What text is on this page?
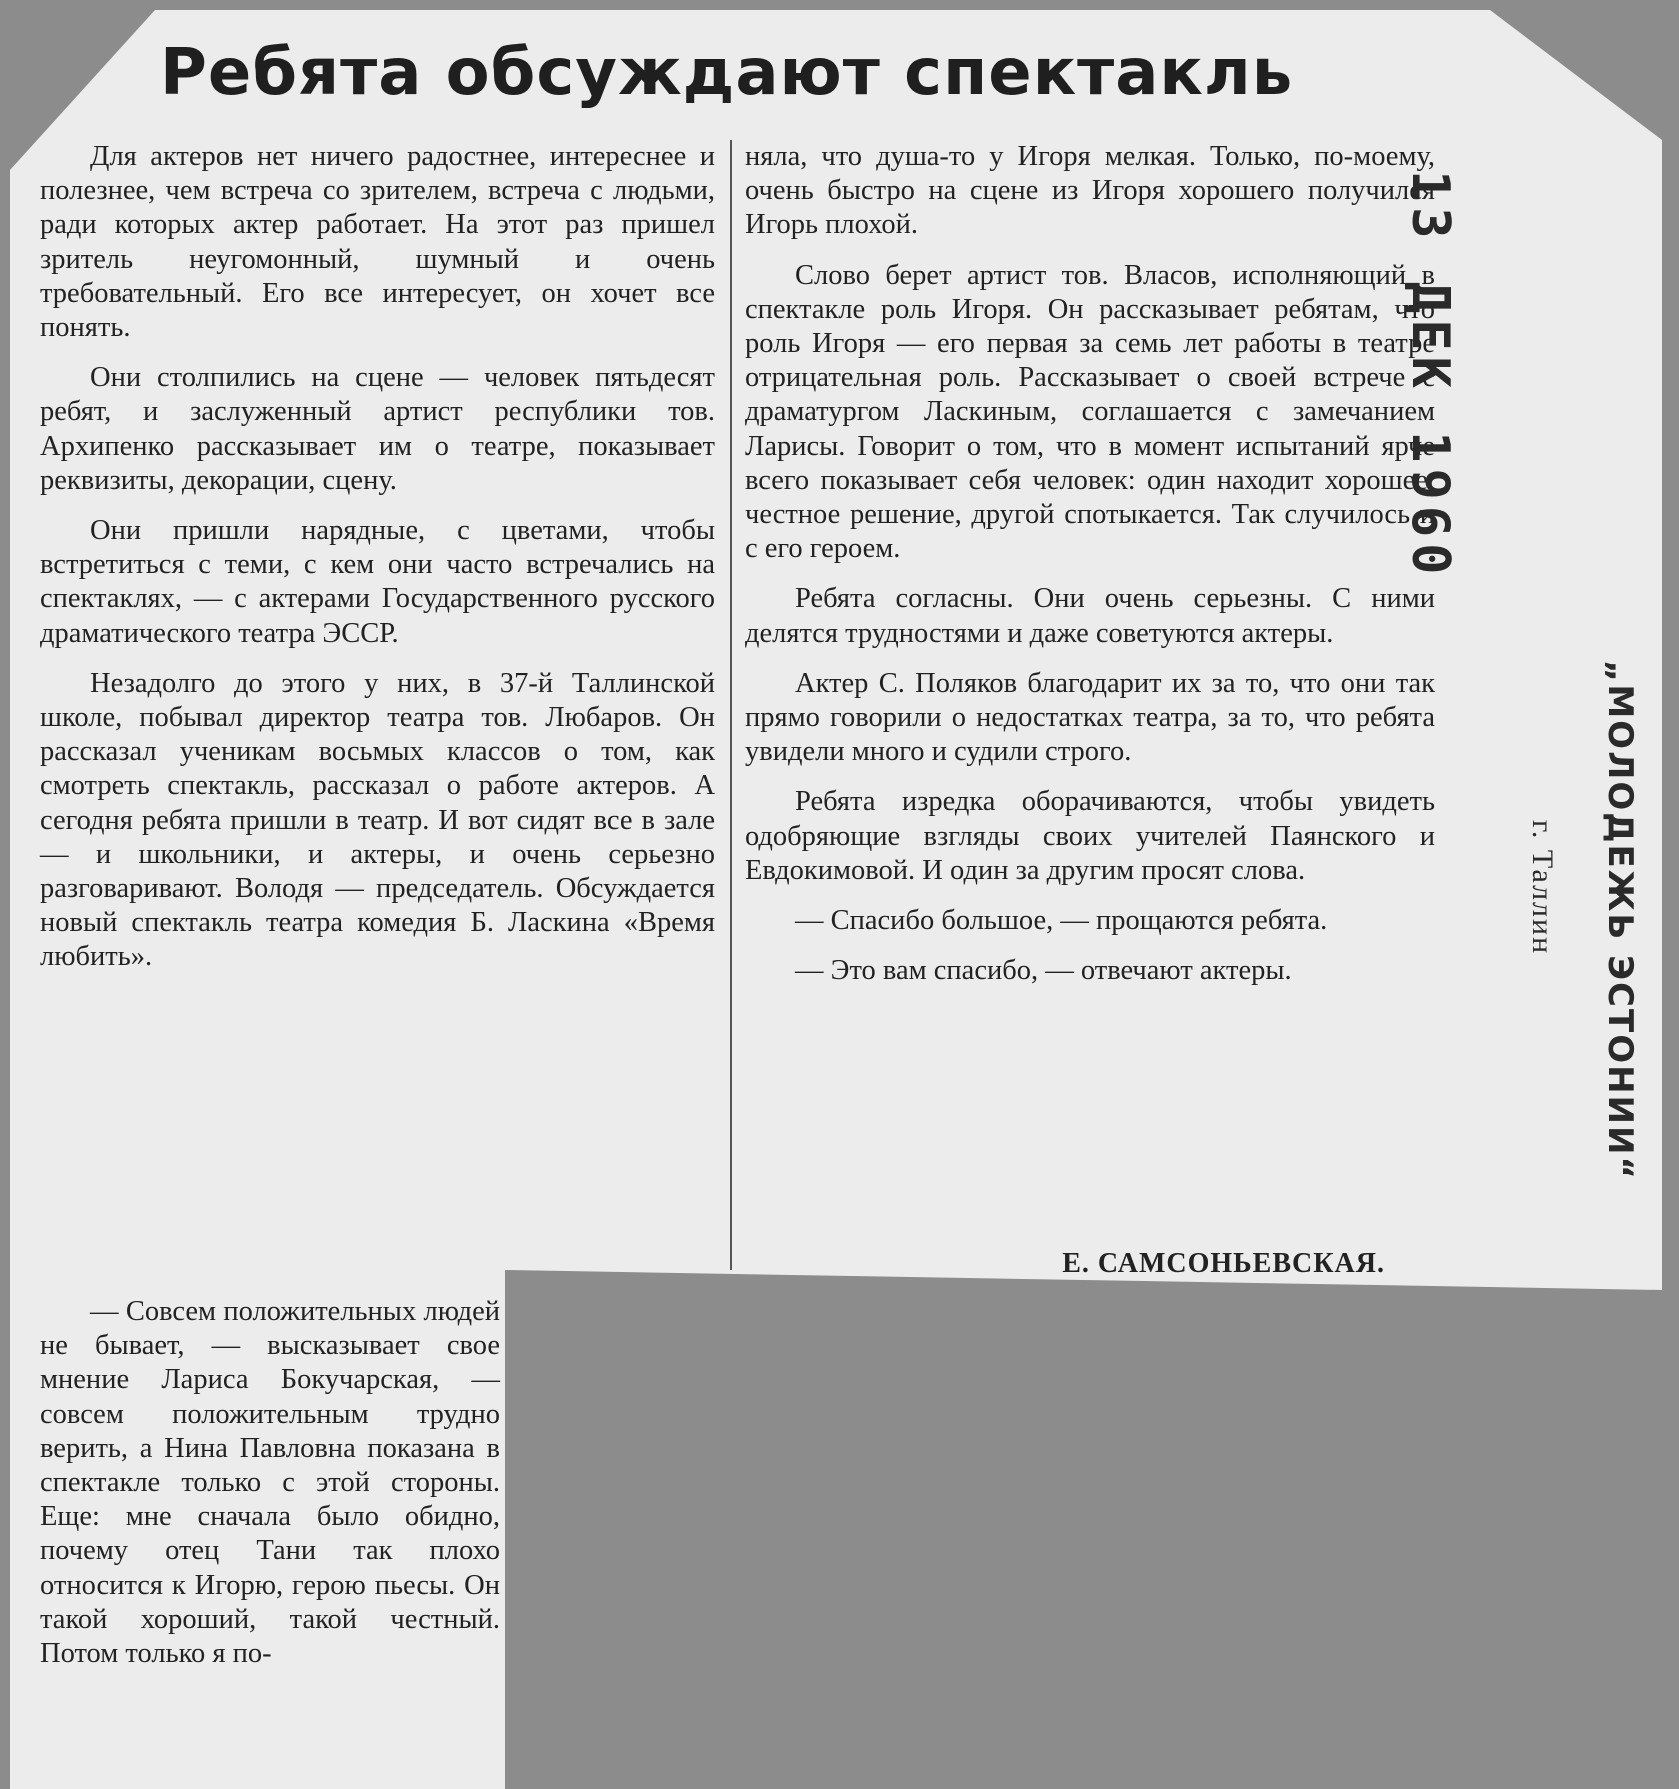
Ребята обсуждают спектакль

Для актеров нет ничего радостнее, интереснее и полезнее, чем встреча со зрителем, встреча с людьми, ради которых актер работает. На этот раз пришел зритель неугомонный, шумный и очень требовательный. Его все интересует, он хочет все понять.

Они столпились на сцене — человек пятьдесят ребят, и заслуженный артист республики тов. Архипенко рассказывает им о театре, показывает реквизиты, декорации, сцену.

Они пришли нарядные, с цветами, чтобы встретиться с теми, с кем они часто встречались на спектаклях, — с актерами Государственного русского драматического театра ЭССР.

Незадолго до этого у них, в 37-й Таллинской школе, побывал директор театра тов. Любаров. Он рассказал ученикам восьмых классов о том, как смотреть спектакль, рассказал о работе актеров. А сегодня ребята пришли в театр. И вот сидят все в зале — и школьники, и актеры, и очень серьезно разговаривают. Володя — председатель. Обсуждается новый спектакль театра комедия Б. Ласкина «Время любить».

— Совсем положительных людей не бывает, — высказывает свое мнение Лариса Бокучарская, — совсем положительным трудно верить, а Нина Павловна показана в спектакле только с этой стороны. Еще: мне сначала было обидно, почему отец Тани так плохо относится к Игорю, герою пьесы. Он такой хороший, такой честный. Потом только я по-

няла, что душа-то у Игоря мелкая. Только, по-моему, очень быстро на сцене из Игоря хорошего получился Игорь плохой.

Слово берет артист тов. Власов, исполняющий в спектакле роль Игоря. Он рассказывает ребятам, что роль Игоря — его первая за семь лет работы в театре отрицательная роль. Рассказывает о своей встрече с драматургом Ласкиным, соглашается с замечанием Ларисы. Говорит о том, что в момент испытаний ярче всего показывает себя человек: один находит хорошее, честное решение, другой спотыкается. Так случилось и с его героем.

Ребята согласны. Они очень серьезны. С ними делятся трудностями и даже советуются актеры.

Актер С. Поляков благодарит их за то, что они так прямо говорили о недостатках театра, за то, что ребята увидели много и судили строго.

Ребята изредка оборачиваются, чтобы увидеть одобряющие взгляды своих учителей Паянского и Евдокимовой. И один за другим просят слова.

— Спасибо большое, — прощаются ребята.

— Это вам спасибо, — отвечают актеры.

Е. САМСОНЬЕВСКАЯ.
13 ДЕК 1960
„МОЛОДЕЖЬ ЭСТОНИИ“
г. Таллин
